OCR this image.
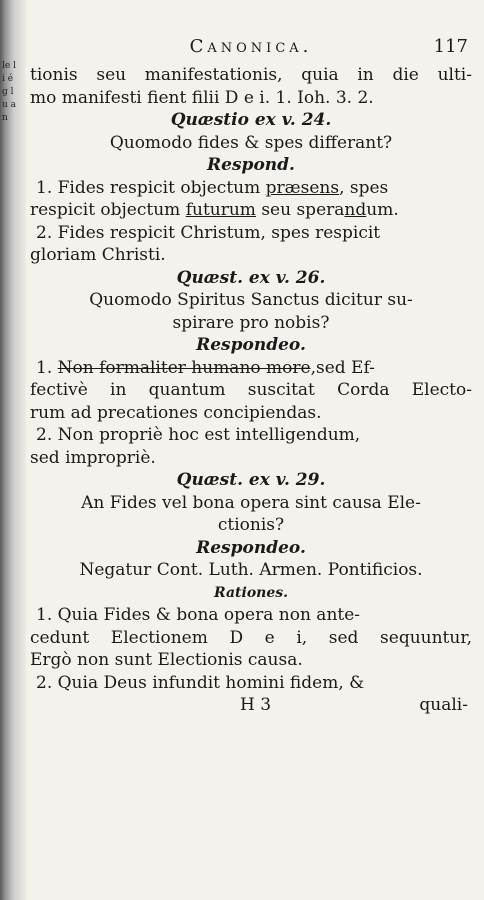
le li é g l u a n
Canonica.	117
tionis seu manifestationis, quia in die ulti-
mo manifesti fient filii D e i. 1. Ioh. 3. 2.
Quæstio ex v. 24.
Quomodo fides & spes differant?
Respond.
1. Fides respicit objectum præsens, spes
respicit objectum futurum seu sperandum.
2. Fides respicit Christum, spes respicit
gloriam Christi.
Quæst. ex v. 26.
Quomodo Spiritus Sanctus dicitur su-
spirare pro nobis?
Respondeo.
1. Non formaliter humano more,sed Ef-
fectivè in quantum suscitat Corda Electo-
rum ad precationes concipiendas.
2. Non propriè hoc est intelligendum,
sed impropriè.
Quæst. ex v. 29.
An Fides vel bona opera sint causa Ele-
ctionis?
Respondeo.
Negatur Cont. Luth. Armen. Pontificios.
Rationes.
1. Quia Fides & bona opera non ante-
cedunt Electionem D e i, sed sequuntur,
Ergò non sunt Electionis causa.
2. Quia Deus infundit homini fidem, &
H 3	quali-
